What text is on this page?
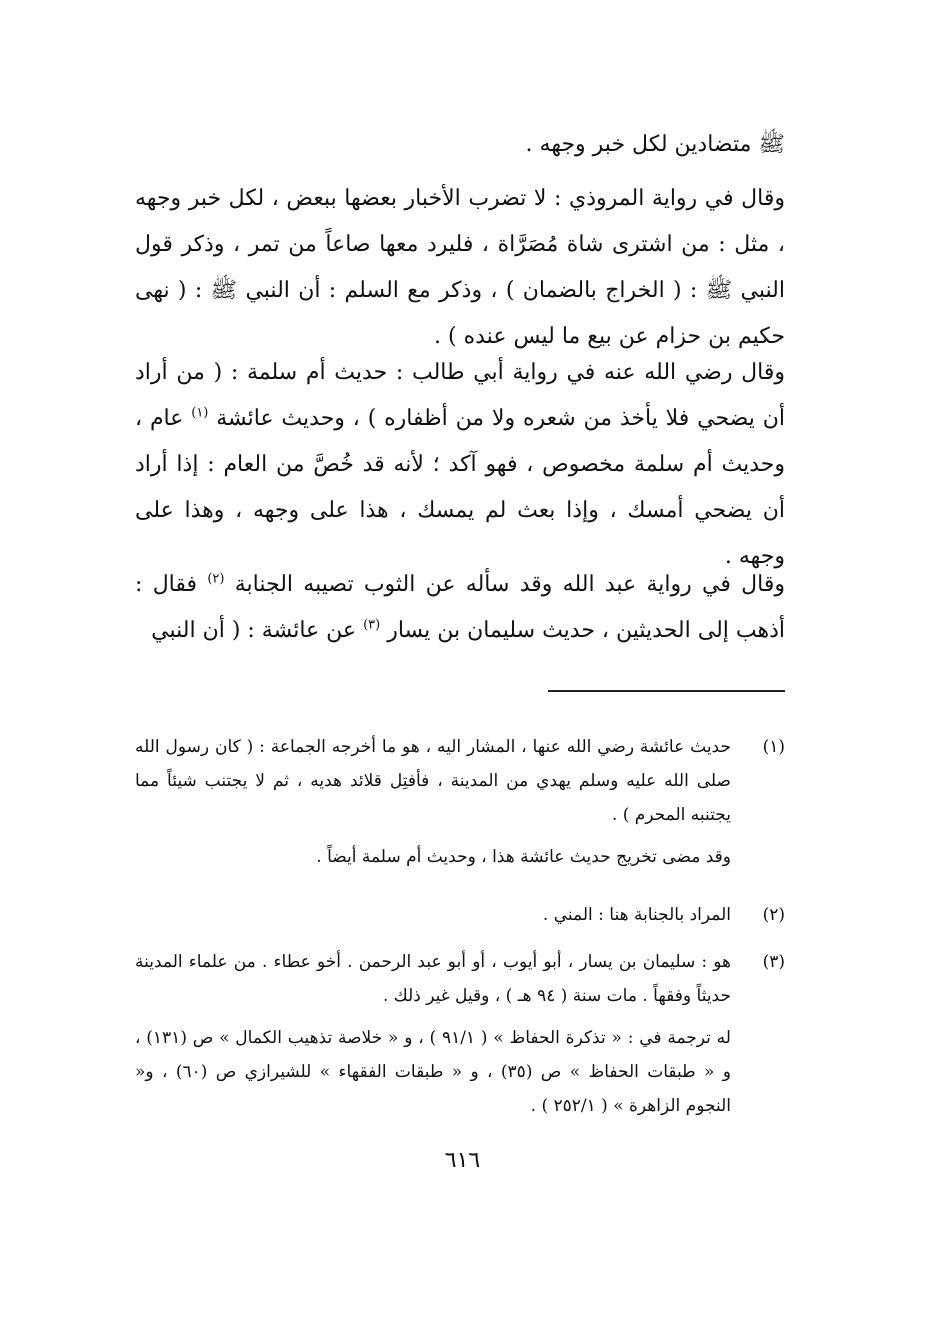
ﷺ متضادين لكل خبر وجهه .

وقال في رواية المروذي : لا تضرب الأخبار بعضها ببعض ، لكل خبر وجهه ، مثل : من اشترى شاة مُصَرَّاة ، فليرد معها صاعاً من تمر ، وذكر قول النبي ﷺ : ( الخراج بالضمان ) ، وذكر مع السلم : أن النبي ﷺ : ( نهى حكيم بن حزام عن بيع ما ليس عنده ) .

وقال رضي الله عنه في رواية أبي طالب : حديث أم سلمة : ( من أراد أن يضحي فلا يأخذ من شعره ولا من أظفاره ) ، وحديث عائشة $^{(١)}$ عام ، وحديث أم سلمة مخصوص ، فهو آكد ؛ لأنه قد خُصَّ من العام : إذا أراد أن يضحي أمسك ، وإذا بعث لم يمسك ، هذا على وجهه ، وهذا على وجهه .

وقال في رواية عبد الله وقد سأله عن الثوب تصيبه الجنابة $^{(٢)}$ فقال : أذهب إلى الحديثين ، حديث سليمان بن يسار $^{(٣)}$ عن عائشة : ( أن النبي

(١)
حديث عائشة رضي الله عنها ، المشار اليه ، هو ما أخرجه الجماعة : ( كان رسول الله صلى الله عليه وسلم يهدي من المدينة ، فأفتِل قلائد هديه ، ثم لا يجتنب شيئاً مما يجتنبه المحرم ) .
وقد مضى تخريج حديث عائشة هذا ، وحديث أم سلمة أيضاً .
(٢)
المراد بالجنابة هنا : المني .
(٣)
هو : سليمان بن يسار ، أبو أيوب ، أو أبو عبد الرحمن . أخو عطاء . من علماء المدينة حديثاً وفقهاً . مات سنة ( ٩٤ هـ ) ، وقيل غير ذلك .
له ترجمة في : « تذكرة الحفاظ » ( ٩١/١ ) ، و « خلاصة تذهيب الكمال » ص (١٣١) ، و « طبقات الحفاظ » ص (٣٥) ، و « طبقات الفقهاء » للشيرازي ص (٦٠) ، و« النجوم الزاهرة » ( ٢٥٢/١ ) .
٦١٦
